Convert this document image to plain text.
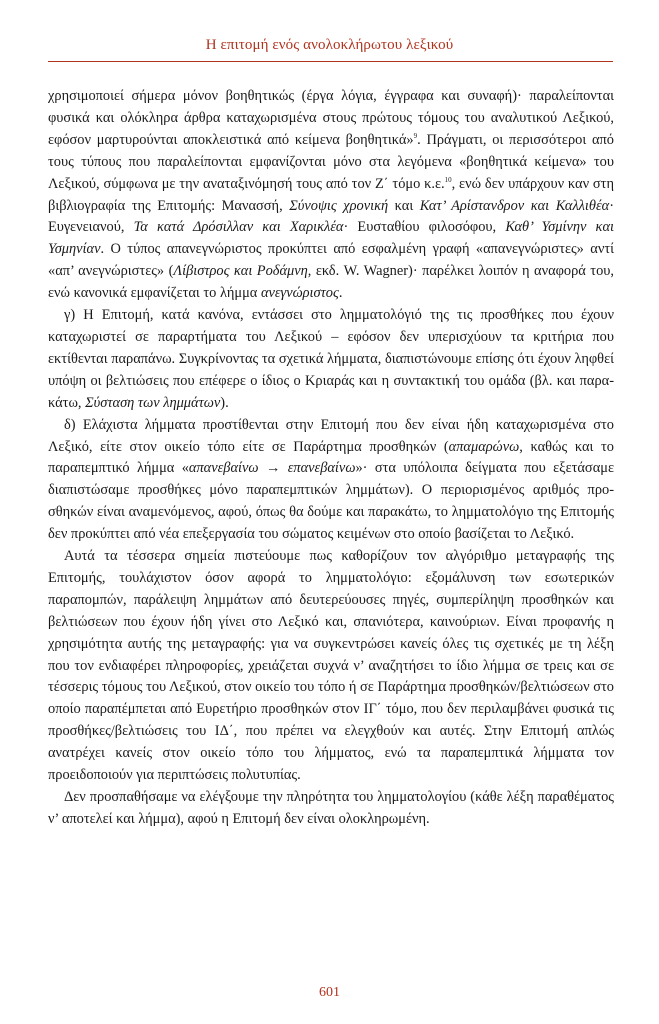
Η επιτομή ενός ανολοκλήρωτου λεξικού

χρησιμοποιεί σήμερα μόνον βοηθητικώς (έργα λόγια, έγγραφα και συναφή)· παραλείπονται φυσικά και ολόκληρα άρθρα καταχωρισμένα στους πρώτους τόμους του αναλυτικού Λεξικού, εφόσον μαρτυρούνται αποκλειστικά από κείμενα βοηθητικά»$^9$. Πράγματι, οι περισσότεροι από τους τύπους που παραλείπονται εμφανίζονται μόνο στα λεγόμενα «βοηθητικά κείμενα» του Λεξικού, σύμφωνα με την αναταξινόμησή τους από τον Ζ΄ τόμο κ.ε.$^{10}$, ενώ δεν υπάρχουν καν στη βιβλιογραφία της Επιτομής: Μανασσή, Σύνοψις χρονική και Κατ’ Αρίστανδρον και Καλλιθέα· Ευγενειανού, Τα κατά Δρόσιλλαν και Χαρικλέα· Ευσταθίου φιλοσόφου, Καθ’ Υσμίνην και Υσμηνίαν. Ο τύπος απανεγνώριστος προκύπτει από εσφαλμένη γραφή «απανεγνώριστες» αντί «απ’ ανεγνώριστες» (Λίβιστρος και Ροδάμνη, εκδ. W. Wagner)· παρέλκει λοιπόν η αναφορά του, ενώ κανονικά εμφανίζεται το λήμμα ανεγνώριστος.

γ) Η Επιτομή, κατά κανόνα, εντάσσει στο λημματολόγιό της τις προσθήκες που έχουν καταχωριστεί σε παραρτήματα του Λεξικού – εφόσον δεν υπερισχύουν τα κριτήρια που εκτίθενται παραπάνω. Συγκρίνοντας τα σχετικά λήμματα, διαπιστώνουμε επίσης ότι έχουν ληφθεί υπόψη οι βελτιώσεις που επέφερε ο ίδιος ο Κριαράς και η συντακτική του ομάδα (βλ. και παρακάτω, Σύσταση των λημμάτων).

δ) Ελάχιστα λήμματα προστίθενται στην Επιτομή που δεν είναι ήδη καταχωρισμένα στο Λεξικό, είτε στον οικείο τόπο είτε σε Παράρτημα προσθηκών (απαμαρώνω, καθώς και το παραπεμπτικό λήμμα «απανεβαίνω → επανεβαίνω»· στα υπόλοιπα δείγματα που εξετάσαμε διαπιστώσαμε προσθήκες μόνο παραπεμπτικών λημμάτων). Ο περιορισμένος αριθμός προσθηκών είναι αναμενόμενος, αφού, όπως θα δούμε και παρακάτω, το λημματολόγιο της Επιτομής δεν προκύπτει από νέα επεξεργασία του σώματος κειμένων στο οποίο βασίζεται το Λεξικό.

Αυτά τα τέσσερα σημεία πιστεύουμε πως καθορίζουν τον αλγόριθμο μεταγραφής της Επιτομής, τουλάχιστον όσον αφορά το λημματολόγιο: εξομάλυνση των εσωτερικών παραπομπών, παράλειψη λημμάτων από δευτερεύουσες πηγές, συμπερίληψη προσθηκών και βελτιώσεων που έχουν ήδη γίνει στο Λεξικό και, σπανιότερα, καινούριων. Είναι προφανής η χρησιμότητα αυτής της μεταγραφής: για να συγκεντρώσει κανείς όλες τις σχετικές με τη λέξη που τον ενδιαφέρει πληροφορίες, χρειάζεται συχνά ν’ αναζητήσει το ίδιο λήμμα σε τρεις και σε τέσσερις τόμους του Λεξικού, στον οικείο του τόπο ή σε Παράρτημα προσθηκών/βελτιώσεων στο οποίο παραπέμπεται από Ευρετήριο προσθηκών στον ΙΓ΄ τόμο, που δεν περιλαμβάνει φυσικά τις προσθήκες/βελτιώσεις του ΙΔ΄, που πρέπει να ελεγχθούν και αυτές. Στην Επιτομή απλώς ανατρέχει κανείς στον οικείο τόπο του λήμματος, ενώ τα παραπεμπτικά λήμματα τον προειδοποιούν για περιπτώσεις πολυτυπίας.

Δεν προσπαθήσαμε να ελέγξουμε την πληρότητα του λημματολογίου (κάθε λέξη παραθέματος ν’ αποτελεί και λήμμα), αφού η Επιτομή δεν είναι ολοκληρωμένη.

601
